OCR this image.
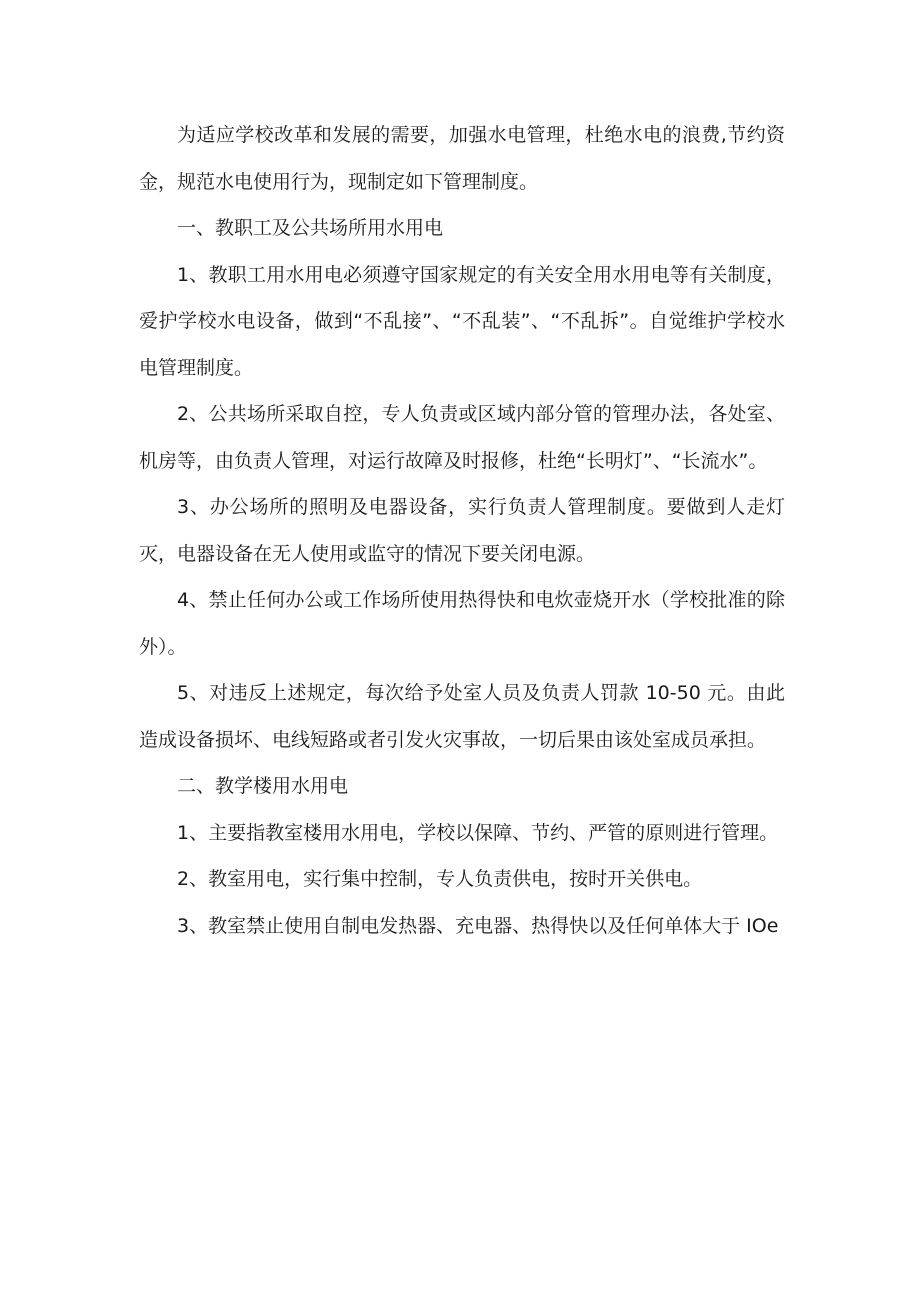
为适应学校改革和发展的需要，加强水电管理，杜绝水电的浪费,节约资金，规范水电使用行为，现制定如下管理制度。

一、教职工及公共场所用水用电

1、教职工用水用电必须遵守国家规定的有关安全用水用电等有关制度，爱护学校水电设备，做到“不乱接”、“不乱装”、“不乱拆”。自觉维护学校水电管理制度。

2、公共场所采取自控，专人负责或区域内部分管的管理办法，各处室、机房等，由负责人管理，对运行故障及时报修，杜绝“长明灯”、“长流水”。

3、办公场所的照明及电器设备，实行负责人管理制度。要做到人走灯灭，电器设备在无人使用或监守的情况下要关闭电源。

4、禁止任何办公或工作场所使用热得快和电炊壶烧开水（学校批准的除外）。

5、对违反上述规定，每次给予处室人员及负责人罚款 10-50 元。由此造成设备损坏、电线短路或者引发火灾事故，一切后果由该处室成员承担。

二、教学楼用水用电

1、主要指教室楼用水用电，学校以保障、节约、严管的原则进行管理。

2、教室用电，实行集中控制，专人负责供电，按时开关供电。

3、教室禁止使用自制电发热器、充电器、热得快以及任何单体大于 IOe
